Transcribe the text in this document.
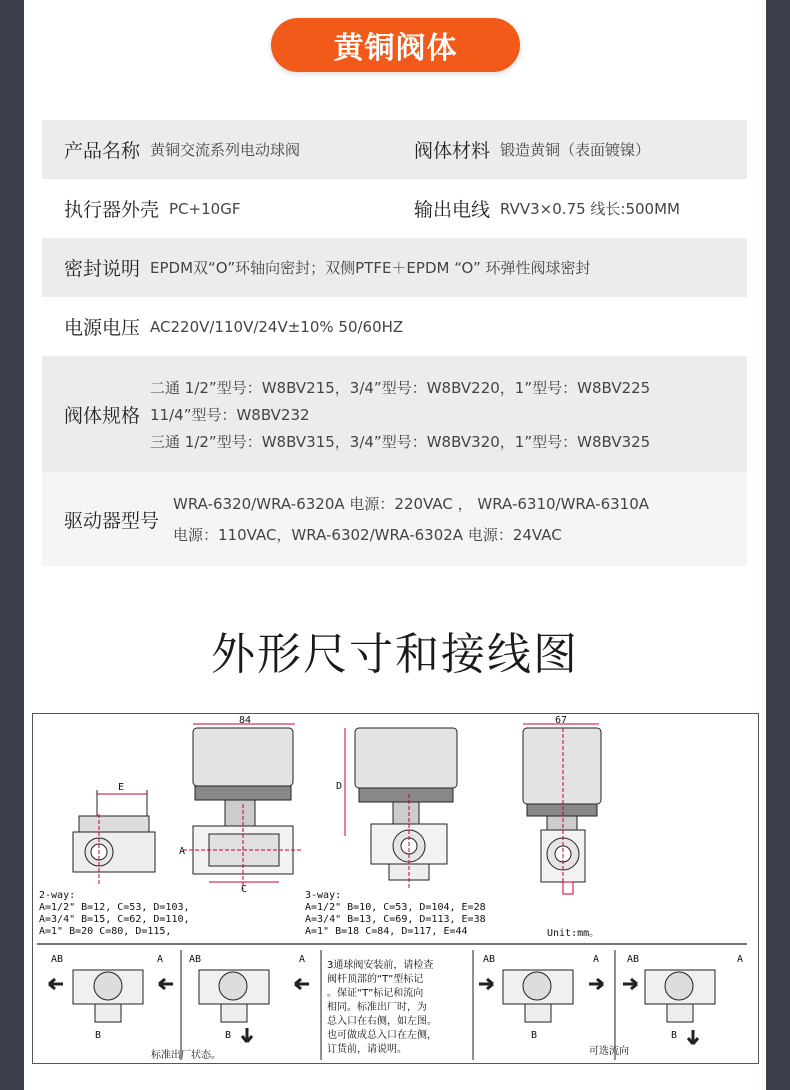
黄铜阀体
产品名称 黄铜交流系列电动球阀	阀体材料 锻造黄铜（表面镀镍）
执行器外壳 PC+10GF	输出电线 RVV3×0.75 线长:500MM
密封说明 EPDM双“O”环轴向密封；双侧PTFE＋EPDM “O” 环弹性阀球密封
电源电压 AC220V/110V/24V±10% 50/60HZ
阀体规格
二通 1/2”型号：W8BV215，3/4”型号：W8BV220，1”型号：W8BV225
11/4”型号：W8BV232
三通 1/2”型号：W8BV315，3/4”型号：W8BV320，1”型号：W8BV325
驱动器型号
WRA-6320/WRA-6320A 电源：220VAC ， WRA-6310/WRA-6310A
电源：110VAC，WRA-6302/WRA-6302A 电源：24VAC
外形尺寸和接线图
E
84
A
C
D
67
2-way:
A=1/2" B=12, C=53, D=103,
A=3/4" B=15, C=62, D=110,
A=1" B=20 C=80, D=115,
3-way:
A=1/2" B=10, C=53, D=104, E=28
A=3/4" B=13, C=69, D=113, E=38
A=1" B=18 C=84, D=117, E=44	Unit:mm。
AB	A
B
AB	A
B
3通球阀安装前，请检查
阀杆顶部的“T”型标记
。保证“T”标记和流向
相同。标准出厂时，为
总入口在右侧，如左图。
也可做成总入口在左侧，
订货前，请说明。
AB	A
B
AB	A
B
标准出厂状态。	可选流向
